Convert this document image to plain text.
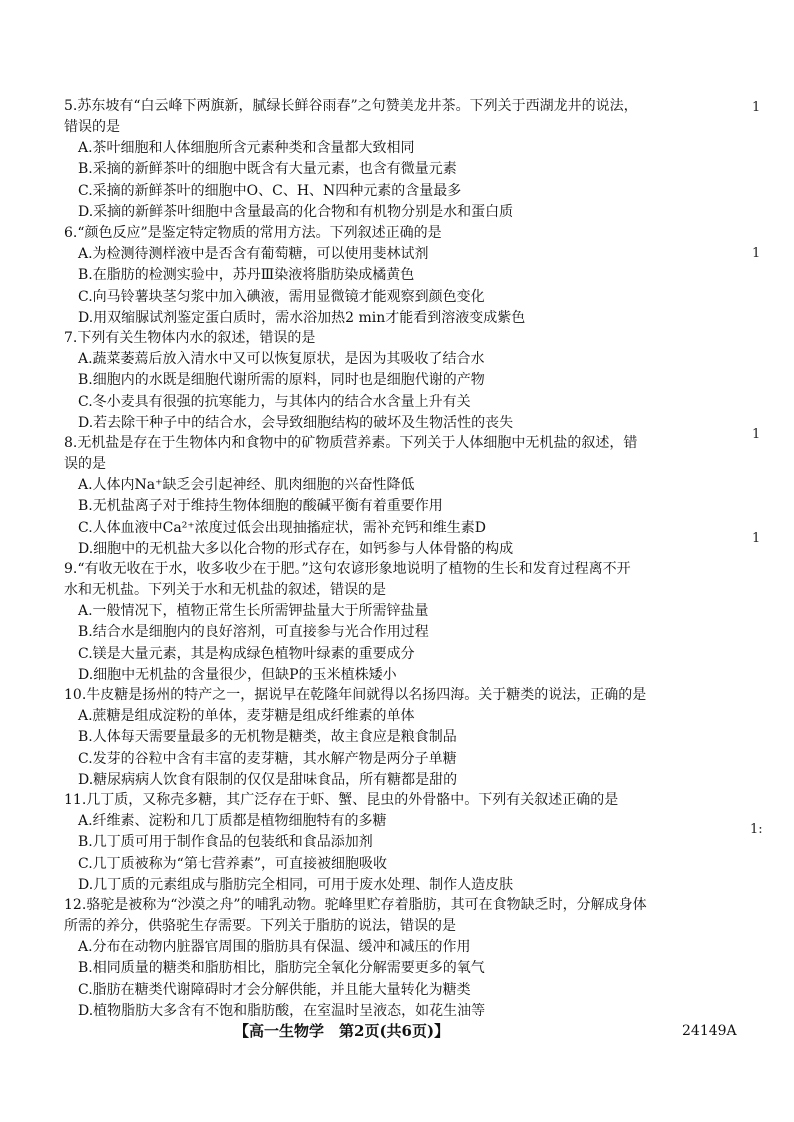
5.苏东坡有“白云峰下两旗新，腻绿长鲜谷雨春”之句赞美龙井茶。下列关于西湖龙井的说法，

错误的是

A.茶叶细胞和人体细胞所含元素种类和含量都大致相同

B.采摘的新鲜茶叶的细胞中既含有大量元素，也含有微量元素

C.采摘的新鲜茶叶的细胞中O、C、H、N四种元素的含量最多

D.采摘的新鲜茶叶细胞中含量最高的化合物和有机物分别是水和蛋白质

6.“颜色反应”是鉴定特定物质的常用方法。下列叙述正确的是

A.为检测待测样液中是否含有葡萄糖，可以使用斐林试剂

B.在脂肪的检测实验中，苏丹Ⅲ染液将脂肪染成橘黄色

C.向马铃薯块茎匀浆中加入碘液，需用显微镜才能观察到颜色变化

D.用双缩脲试剂鉴定蛋白质时，需水浴加热2 min才能看到溶液变成紫色

7.下列有关生物体内水的叙述，错误的是

A.蔬菜萎蔫后放入清水中又可以恢复原状，是因为其吸收了结合水

B.细胞内的水既是细胞代谢所需的原料，同时也是细胞代谢的产物

C.冬小麦具有很强的抗寒能力，与其体内的结合水含量上升有关

D.若去除干种子中的结合水，会导致细胞结构的破坏及生物活性的丧失

8.无机盐是存在于生物体内和食物中的矿物质营养素。下列关于人体细胞中无机盐的叙述，错

误的是

A.人体内Na⁺缺乏会引起神经、肌肉细胞的兴奋性降低

B.无机盐离子对于维持生物体细胞的酸碱平衡有着重要作用

C.人体血液中Ca²⁺浓度过低会出现抽搐症状，需补充钙和维生素D

D.细胞中的无机盐大多以化合物的形式存在，如钙参与人体骨骼的构成

9.“有收无收在于水，收多收少在于肥。”这句农谚形象地说明了植物的生长和发育过程离不开

水和无机盐。下列关于水和无机盐的叙述，错误的是

A.一般情况下，植物正常生长所需钾盐量大于所需锌盐量

B.结合水是细胞内的良好溶剂，可直接参与光合作用过程

C.镁是大量元素，其是构成绿色植物叶绿素的重要成分

D.细胞中无机盐的含量很少，但缺P的玉米植株矮小

10.牛皮糖是扬州的特产之一，据说早在乾隆年间就得以名扬四海。关于糖类的说法，正确的是

A.蔗糖是组成淀粉的单体，麦芽糖是组成纤维素的单体

B.人体每天需要量最多的无机物是糖类，故主食应是粮食制品

C.发芽的谷粒中含有丰富的麦芽糖，其水解产物是两分子单糖

D.糖尿病病人饮食有限制的仅仅是甜味食品，所有糖都是甜的

11.几丁质，又称壳多糖，其广泛存在于虾、蟹、昆虫的外骨骼中。下列有关叙述正确的是

A.纤维素、淀粉和几丁质都是植物细胞特有的多糖

B.几丁质可用于制作食品的包装纸和食品添加剂

C.几丁质被称为“第七营养素”，可直接被细胞吸收

D.几丁质的元素组成与脂肪完全相同，可用于废水处理、制作人造皮肤

12.骆驼是被称为“沙漠之舟”的哺乳动物。驼峰里贮存着脂肪，其可在食物缺乏时，分解成身体

所需的养分，供骆驼生存需要。下列关于脂肪的说法，错误的是

A.分布在动物内脏器官周围的脂肪具有保温、缓冲和减压的作用

B.相同质量的糖类和脂肪相比，脂肪完全氧化分解需要更多的氧气

C.脂肪在糖类代谢障碍时才会分解供能，并且能大量转化为糖类

D.植物脂肪大多含有不饱和脂肪酸，在室温时呈液态，如花生油等

1
1
1
1
1:
【高一生物学　第2页(共6页)】	24149A
